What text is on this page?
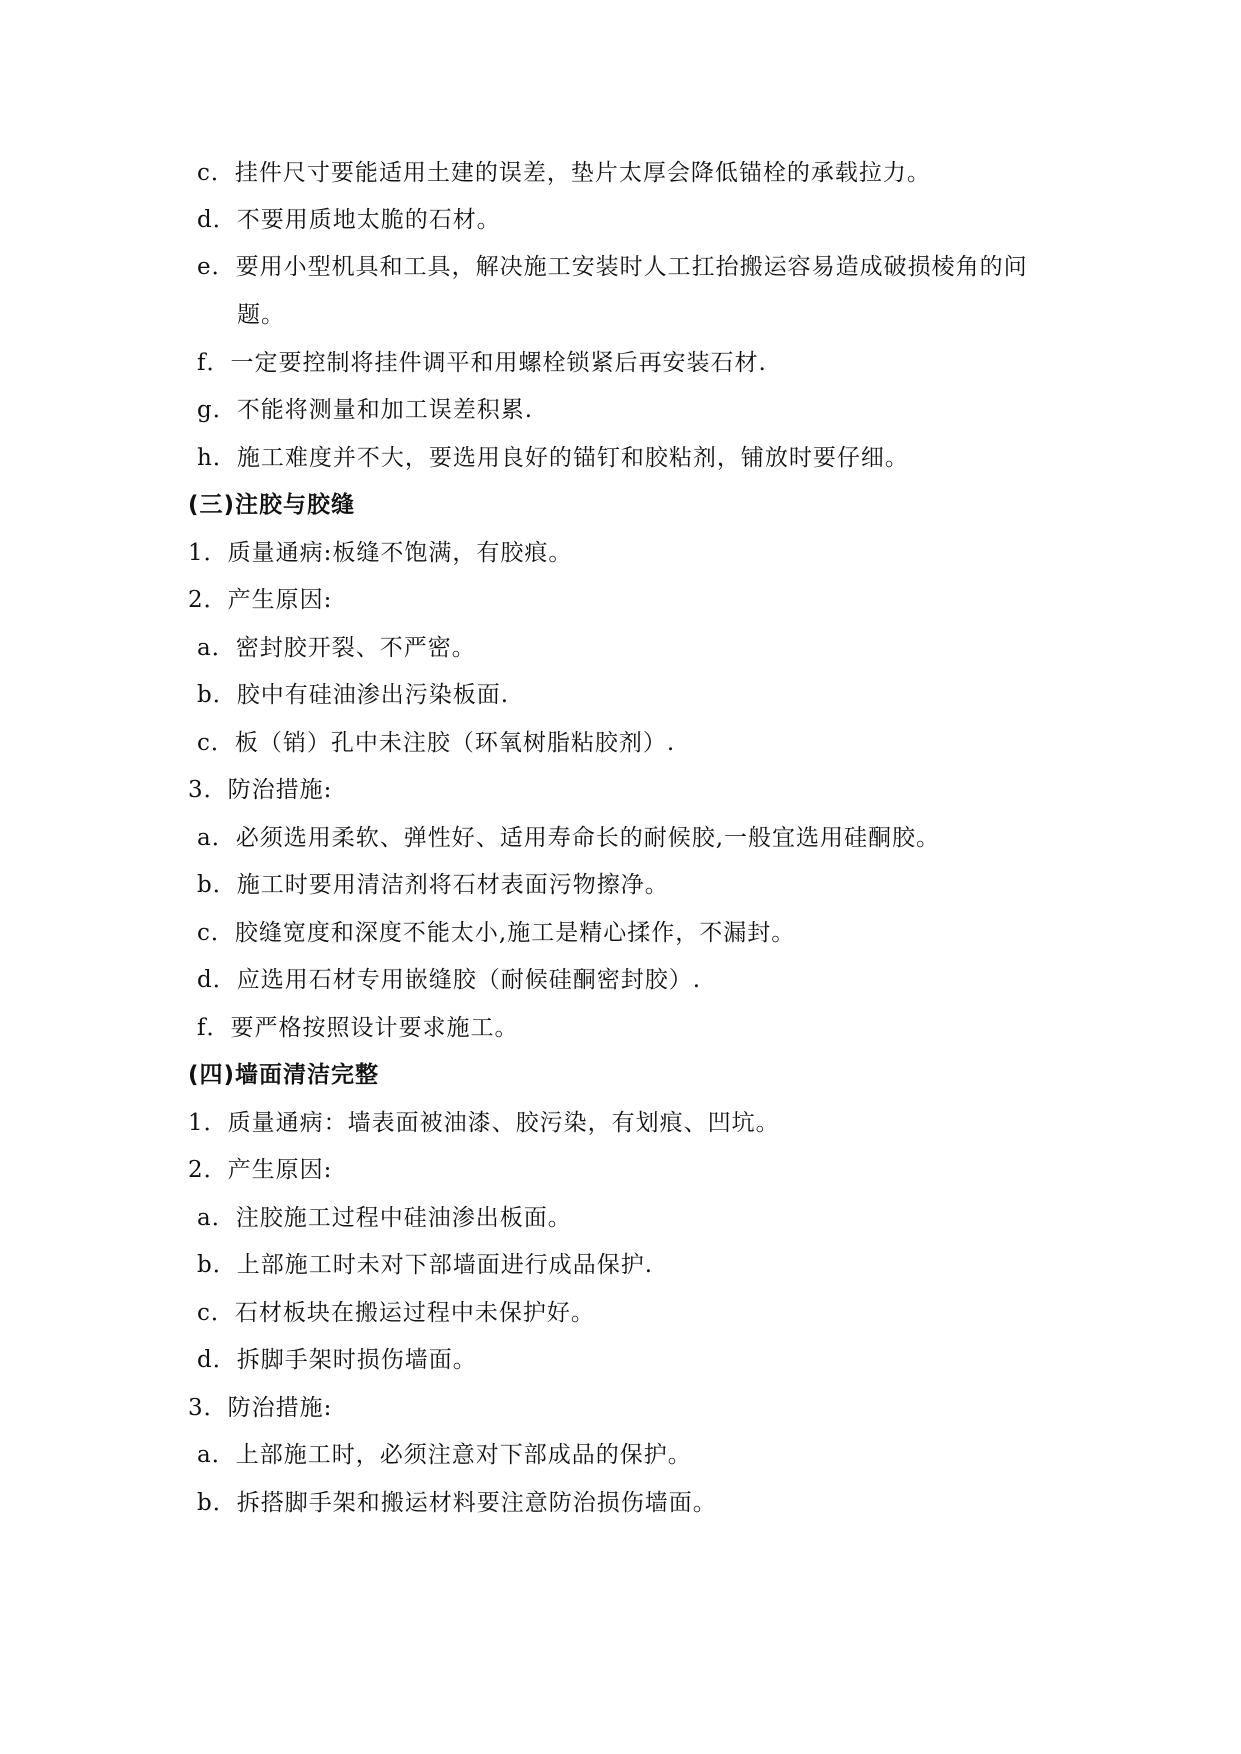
c．挂件尺寸要能适用土建的误差，垫片太厚会降低锚栓的承载拉力。
d．不要用质地太脆的石材。
e．要用小型机具和工具，解决施工安装时人工扛抬搬运容易造成破损棱角的问
题。
f．一定要控制将挂件调平和用螺栓锁紧后再安装石材.
g．不能将测量和加工误差积累.
h．施工难度并不大，要选用良好的锚钉和胶粘剂，铺放时要仔细。
(三)注胶与胶缝
1．质量通病:板缝不饱满，有胶痕。
2．产生原因:
a．密封胶开裂、不严密。
b．胶中有硅油渗出污染板面.
c．板（销）孔中未注胶（环氧树脂粘胶剂）.
3．防治措施:
a．必须选用柔软、弹性好、适用寿命长的耐候胶,一般宜选用硅酮胶。
b．施工时要用清洁剂将石材表面污物擦净。
c．胶缝宽度和深度不能太小,施工是精心揉作，不漏封。
d．应选用石材专用嵌缝胶（耐候硅酮密封胶）.
f．要严格按照设计要求施工。
(四)墙面清洁完整
1．质量通病：墙表面被油漆、胶污染，有划痕、凹坑。
2．产生原因:
a．注胶施工过程中硅油渗出板面。
b．上部施工时未对下部墙面进行成品保护.
c．石材板块在搬运过程中未保护好。
d．拆脚手架时损伤墙面。
3．防治措施:
a．上部施工时，必须注意对下部成品的保护。
b．拆搭脚手架和搬运材料要注意防治损伤墙面。
